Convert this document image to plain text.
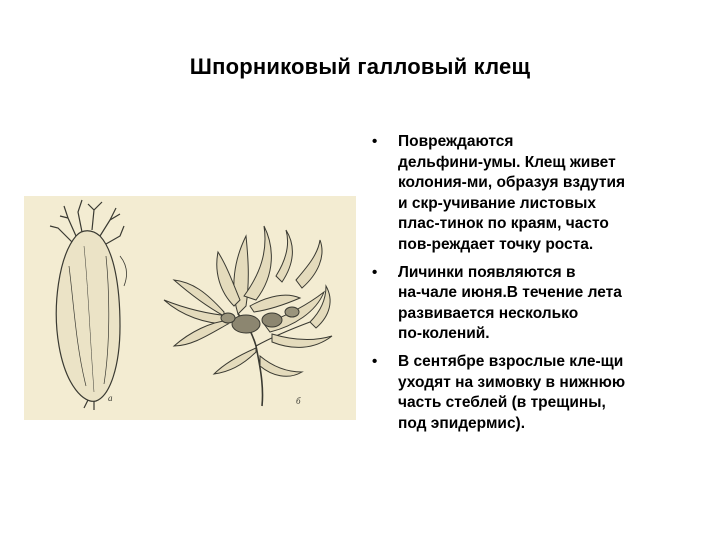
Шпорниковый галловый клещ
а	б
• Повреждаются
дельфини-умы. Клещ живет
колония-ми, образуя вздутия
и скр-учивание листовых
плас-тинок по краям, часто
пов-реждает точку роста.
• Личинки появляются в
на-чале июня.В течение лета
развивается несколько
по-колений.
• В сентябре взрослые кле-щи
уходят на зимовку в нижнюю
часть стеблей (в трещины,
под эпидермис).
